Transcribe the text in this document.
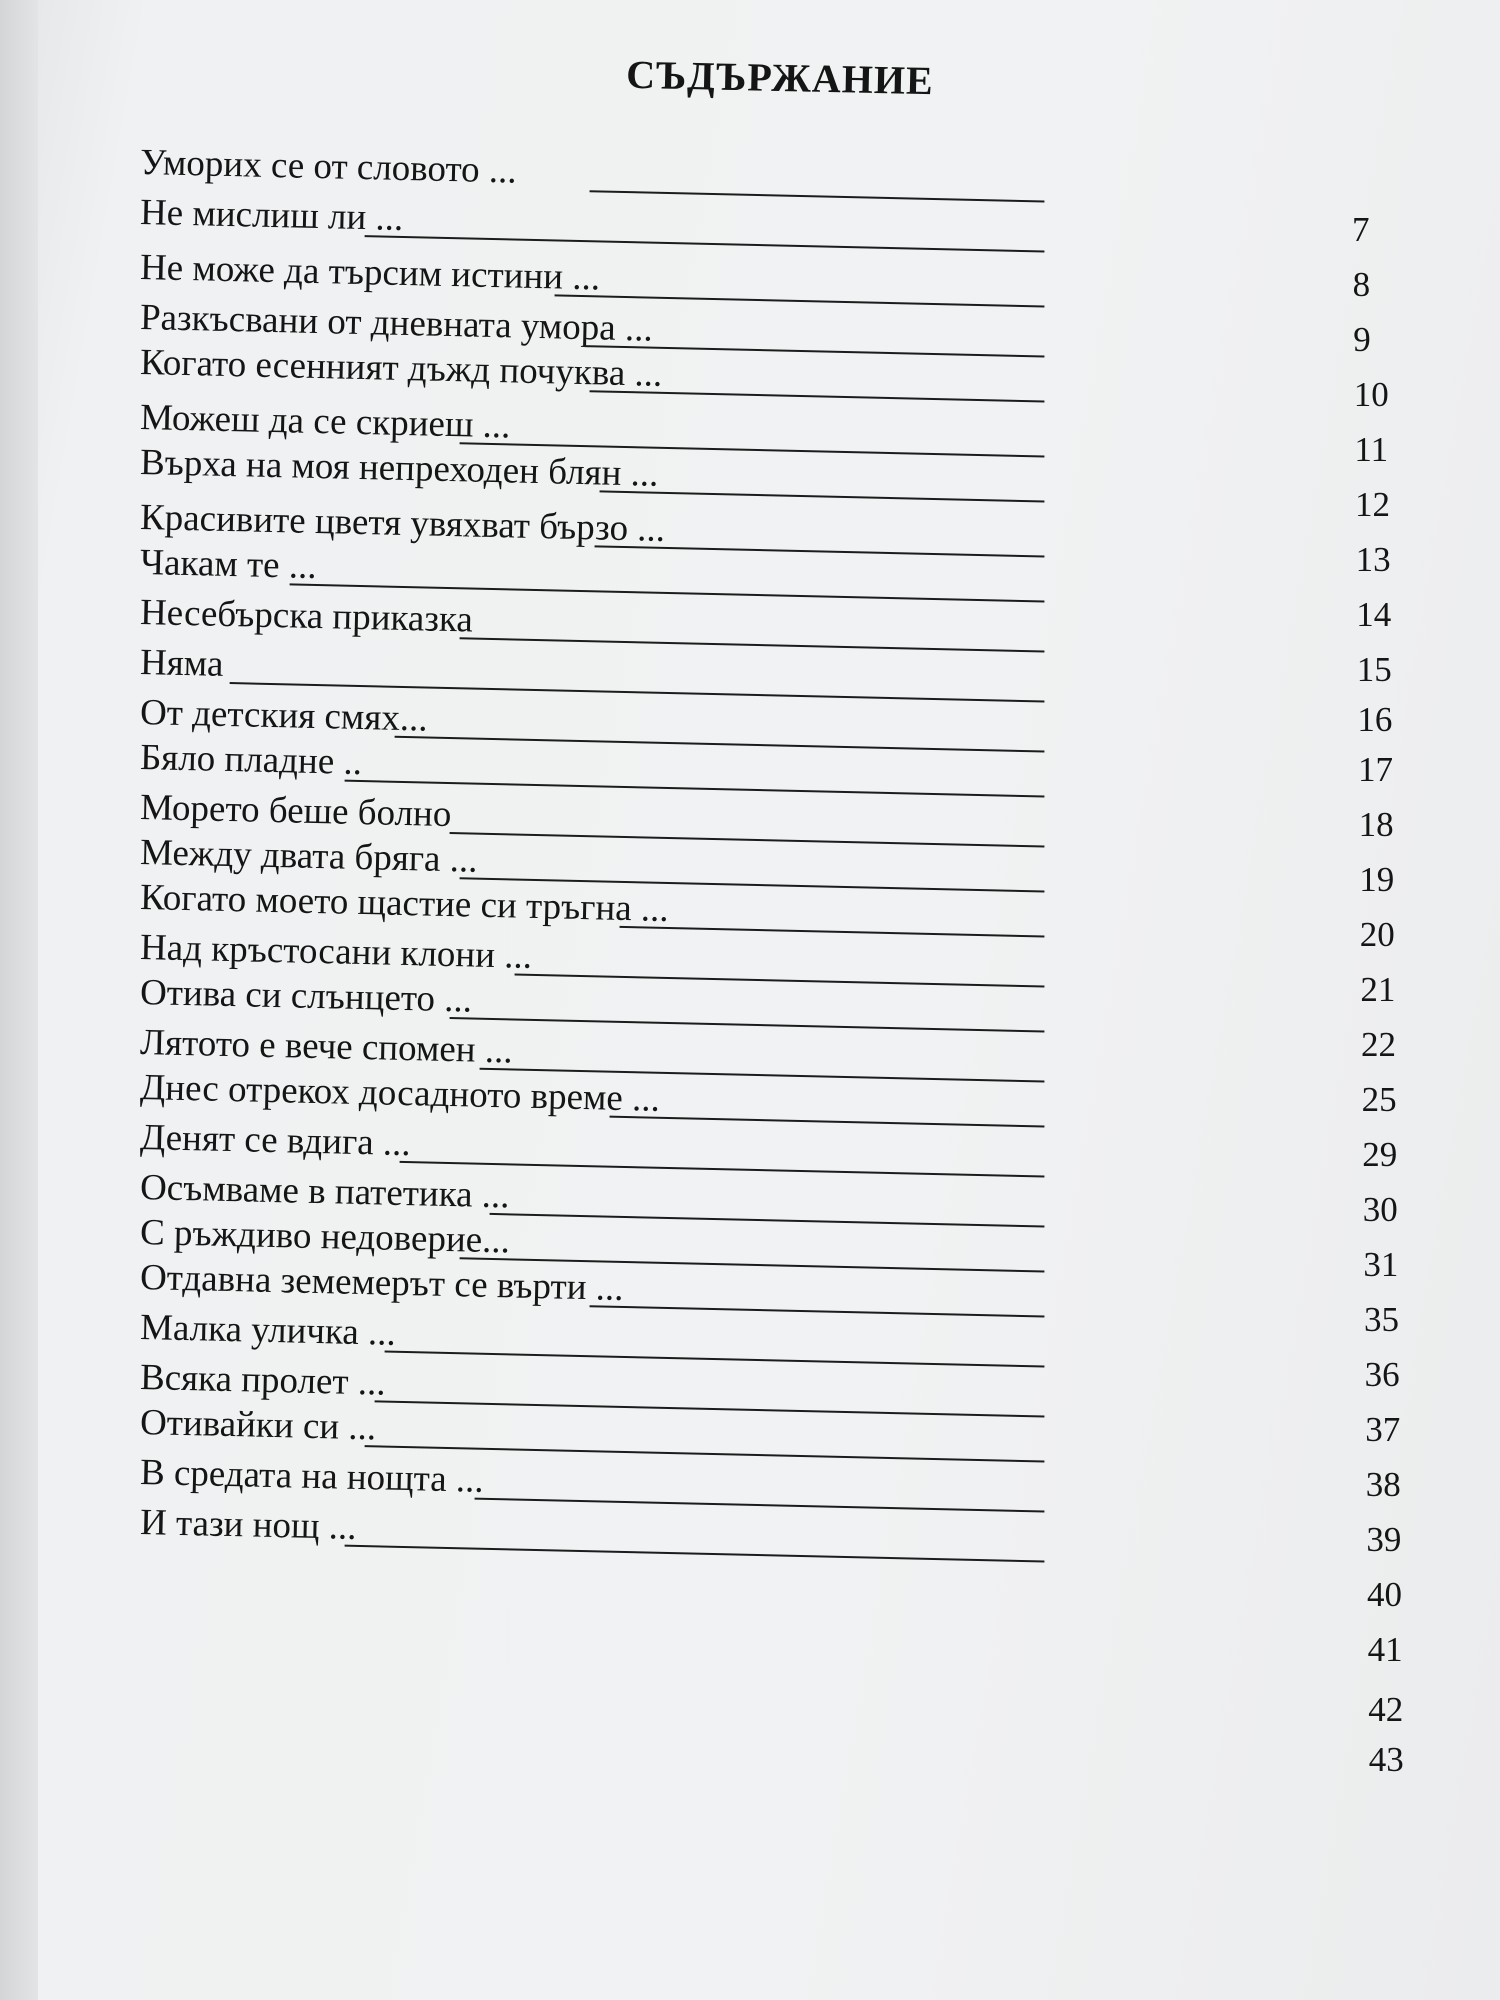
СЪДЪРЖАНИЕ
Уморих се от словото ...
Не мислиш ли ...
Не може да търсим истини ...
Разкъсвани от дневната умора ...
Когато есенният дъжд почуква ...
Можеш да се скриеш ...
Върха на моя непреходен блян ...
Красивите цветя увяхват бързо ...
Чакам те ...
Несебърска приказка
Няма
От детския смях...
Бяло пладне ..
Морето беше болно
Между двата бряга ...
Когато моето щастие си тръгна ...
Над кръстосани клони ...
Отива си слънцето ...
Лятото е вече спомен ...
Днес отрекох досадното време ...
Денят се вдига ...
Осъмваме в патетика ...
С ръждиво недоверие...
Отдавна земемерът се върти ...
Малка уличка ...
Всяка пролет ...
Отивайки си ...
В средата на нощта ...
И тази нощ ...
7
8
9
10
11
12
13
14
15
16
17
18
19
20
21
22
25
29
30
31
35
36
37
38
39
40
41
42
43
